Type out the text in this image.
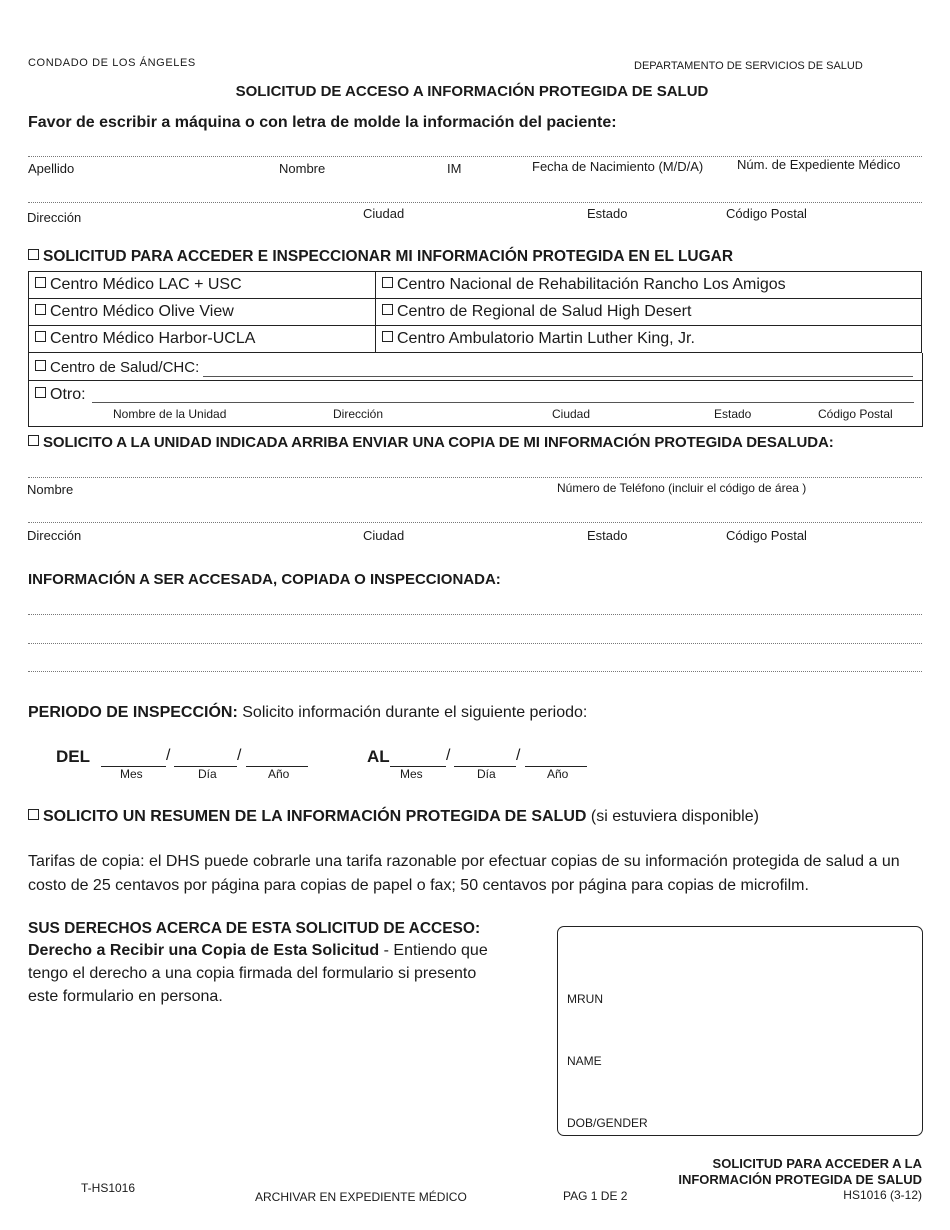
CONDADO DE LOS ÁNGELES	DEPARTAMENTO DE SERVICIOS DE SALUD
SOLICITUD DE ACCESO A INFORMACIÓN PROTEGIDA DE SALUD
Favor de escribir a máquina o con letra de molde la información del paciente:
Apellido	Nombre	IM	Fecha de Nacimiento (M/D/A)	Núm. de Expediente Médico
Dirección	Ciudad	Estado	Código Postal
SOLICITUD PARA ACCEDER E INSPECCIONAR MI INFORMACIÓN PROTEGIDA EN EL LUGAR
Centro Médico LAC + USC	Centro Nacional de Rehabilitación Rancho Los Amigos
Centro Médico Olive View	Centro de Regional de Salud High Desert
Centro Médico Harbor-UCLA	Centro Ambulatorio Martin Luther King, Jr.
Centro de Salud/CHC:
Otro:
Nombre de la Unidad	Dirección	Ciudad	Estado	Código Postal
SOLICITO A LA UNIDAD INDICADA ARRIBA ENVIAR UNA COPIA DE MI INFORMACIÓN PROTEGIDA DESALUDA:
Nombre	Número de Teléfono (incluir el código de área )
Dirección	Ciudad	Estado	Código Postal
INFORMACIÓN A SER ACCESADA, COPIADA O INSPECCIONADA:
PERIODO DE INSPECCIÓN: Solicito información durante el siguiente periodo:
DEL	/	/
Mes	Día	Año
AL	/	/
Mes	Día	Año
SOLICITO UN RESUMEN DE LA INFORMACIÓN PROTEGIDA DE SALUD (si estuviera disponible)
Tarifas de copia: el DHS puede cobrarle una tarifa razonable por efectuar copias de su información protegida de salud a un
costo de 25 centavos por página para copias de papel o fax; 50 centavos por página para copias de microfilm.
SUS DERECHOS ACERCA DE ESTA SOLICITUD DE ACCESO:
Derecho a Recibir una Copia de Esta Solicitud - Entiendo que
tengo el derecho a una copia firmada del formulario si presento
este formulario en persona.	MRUN
NAME
DOB/GENDER
T-HS1016
ARCHIVAR EN EXPEDIENTE MÉDICO	PAG 1 DE 2
SOLICITUD PARA ACCEDER A LA
INFORMACIÓN PROTEGIDA DE SALUD
HS1016 (3-12)
